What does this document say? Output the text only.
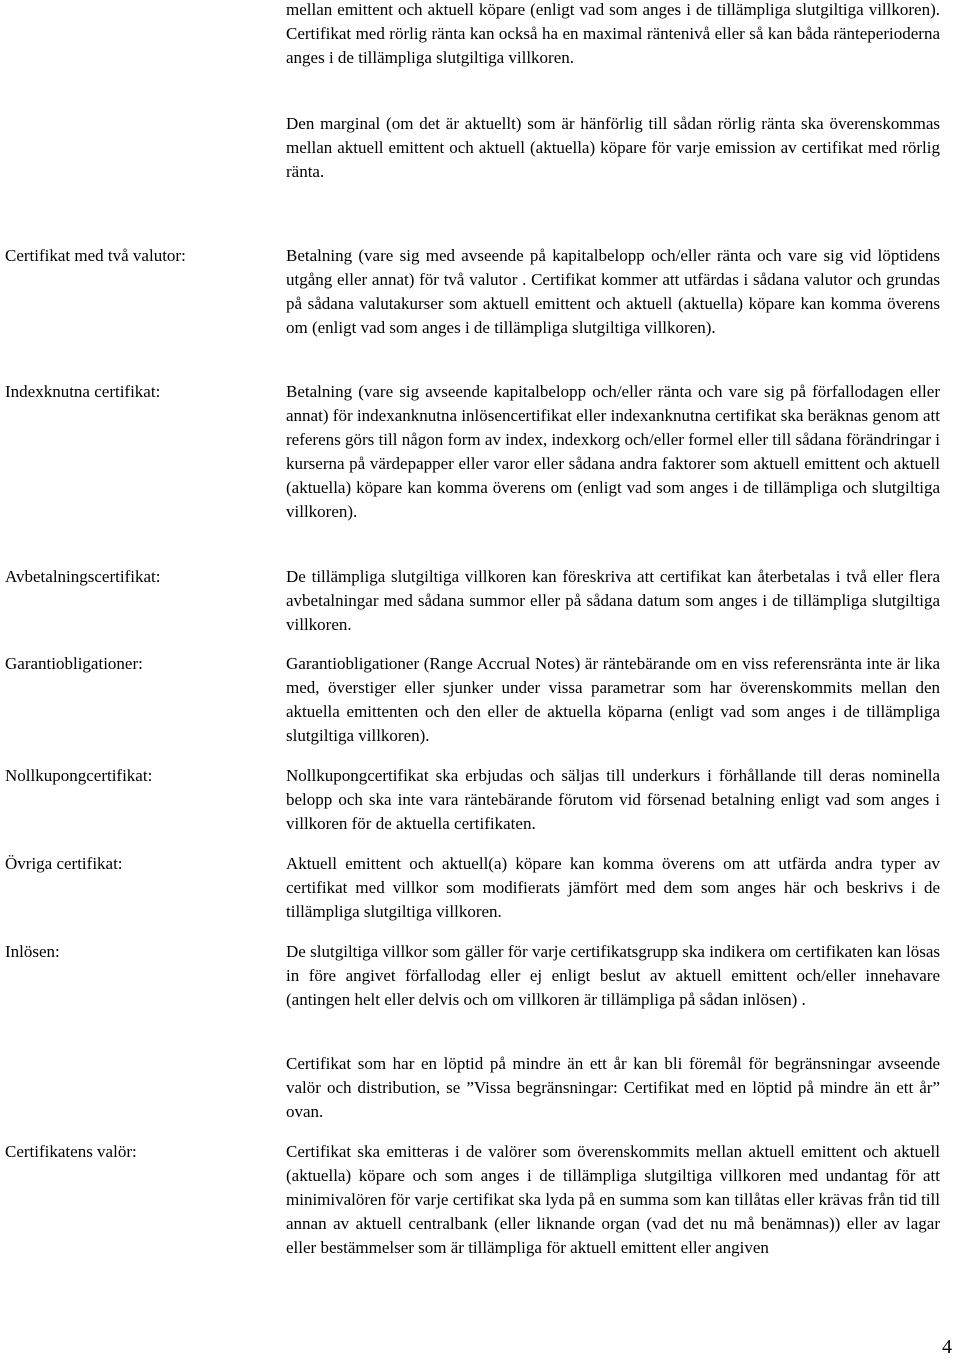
mellan emittent och aktuell köpare (enligt vad som anges i de tillämpliga slutgiltiga villkoren). Certifikat med rörlig ränta kan också ha en maximal räntenivå eller så kan båda ränteperioderna anges i de tillämpliga slutgiltiga villkoren.

Den marginal (om det är aktuellt) som är hänförlig till sådan rörlig ränta ska överenskommas mellan aktuell emittent och aktuell (aktuella) köpare för varje emission av certifikat med rörlig ränta.

Certifikat med två valutor:	Betalning (vare sig med avseende på kapitalbelopp och/eller ränta och vare sig vid löptidens utgång eller annat) för två valutor . Certifikat kommer att utfärdas i sådana valutor och grundas på sådana valutakurser som aktuell emittent och aktuell (aktuella) köpare kan komma överens om (enligt vad som anges i de tillämpliga slutgiltiga villkoren).

Indexknutna certifikat:	Betalning (vare sig avseende kapitalbelopp och/eller ränta och vare sig på förfallodagen eller annat) för indexanknutna inlösencertifikat eller indexanknutna certifikat ska beräknas genom att referens görs till någon form av index, indexkorg och/eller formel eller till sådana förändringar i kurserna på värdepapper eller varor eller sådana andra faktorer som aktuell emittent och aktuell (aktuella) köpare kan komma överens om (enligt vad som anges i de tillämpliga och slutgiltiga villkoren).

Avbetalningscertifikat:	De tillämpliga slutgiltiga villkoren kan föreskriva att certifikat kan återbetalas i två eller flera avbetalningar med sådana summor eller på sådana datum som anges i de tillämpliga slutgiltiga villkoren.

Garantiobligationer:	Garantiobligationer (Range Accrual Notes) är räntebärande om en viss referensränta inte är lika med, överstiger eller sjunker under vissa parametrar som har överenskommits mellan den aktuella emittenten och den eller de aktuella köparna (enligt vad som anges i de tillämpliga slutgiltiga villkoren).

Nollkupongcertifikat:	Nollkupongcertifikat ska erbjudas och säljas till underkurs i förhållande till deras nominella belopp och ska inte vara räntebärande förutom vid försenad betalning enligt vad som anges i villkoren för de aktuella certifikaten.

Övriga certifikat:	Aktuell emittent och aktuell(a) köpare kan komma överens om att utfärda andra typer av certifikat med villkor som modifierats jämfört med dem som anges här och beskrivs i de tillämpliga slutgiltiga villkoren.

Inlösen:	De slutgiltiga villkor som gäller för varje certifikatsgrupp ska indikera om certifikaten kan lösas in före angivet förfallodag eller ej enligt beslut av aktuell emittent och/eller innehavare (antingen helt eller delvis och om villkoren är tillämpliga på sådan inlösen) .

Certifikat som har en löptid på mindre än ett år kan bli föremål för begränsningar avseende valör och distribution, se ”Vissa begränsningar: Certifikat med en löptid på mindre än ett år” ovan.

Certifikatens valör:	Certifikat ska emitteras i de valörer som överenskommits mellan aktuell emittent och aktuell (aktuella) köpare och som anges i de tillämpliga slutgiltiga villkoren med undantag för att minimivalören för varje certifikat ska lyda på en summa som kan tillåtas eller krävas från tid till annan av aktuell centralbank (eller liknande organ (vad det nu må benämnas)) eller av lagar eller bestämmelser som är tillämpliga för aktuell emittent eller angiven

4
